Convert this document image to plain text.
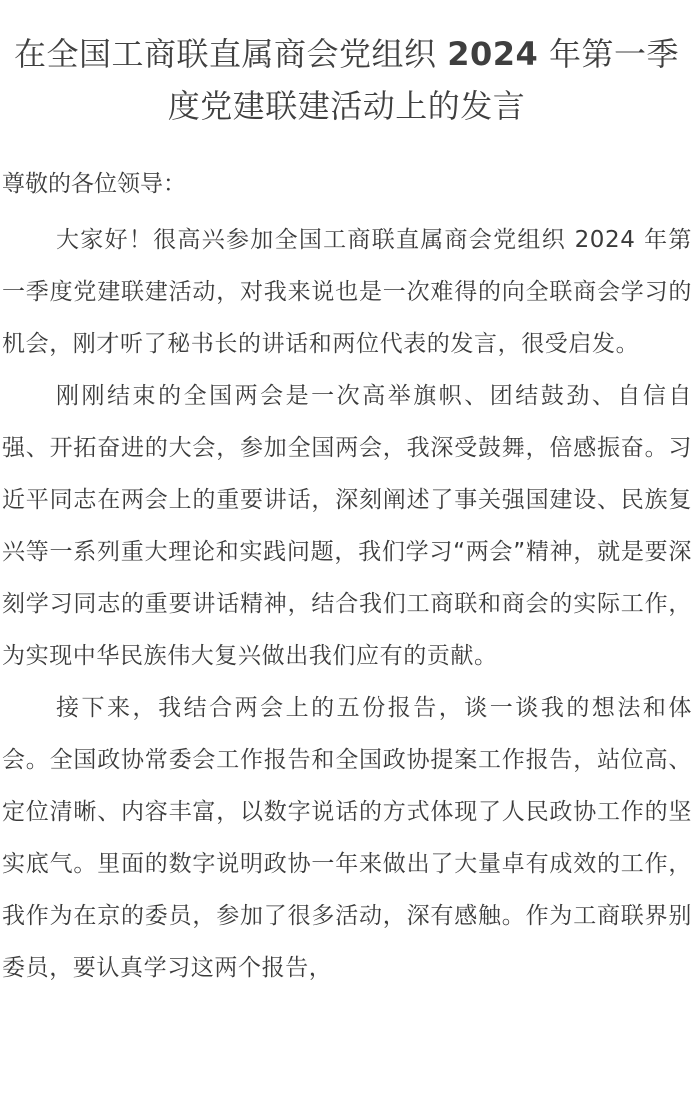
在全国工商联直属商会党组织 2024 年第一季度党建联建活动上的发言

尊敬的各位领导：

大家好！很高兴参加全国工商联直属商会党组织 2024 年第一季度党建联建活动，对我来说也是一次难得的向全联商会学习的机会，刚才听了秘书长的讲话和两位代表的发言，很受启发。

刚刚结束的全国两会是一次高举旗帜、团结鼓劲、自信自强、开拓奋进的大会，参加全国两会，我深受鼓舞，倍感振奋。习近平同志在两会上的重要讲话，深刻阐述了事关强国建设、民族复兴等一系列重大理论和实践问题，我们学习“两会”精神，就是要深刻学习同志的重要讲话精神，结合我们工商联和商会的实际工作，为实现中华民族伟大复兴做出我们应有的贡献。

接下来，我结合两会上的五份报告，谈一谈我的想法和体会。全国政协常委会工作报告和全国政协提案工作报告，站位高、定位清晰、内容丰富，以数字说话的方式体现了人民政协工作的坚实底气。里面的数字说明政协一年来做出了大量卓有成效的工作，我作为在京的委员，参加了很多活动，深有感触。作为工商联界别委员，要认真学习这两个报告，
